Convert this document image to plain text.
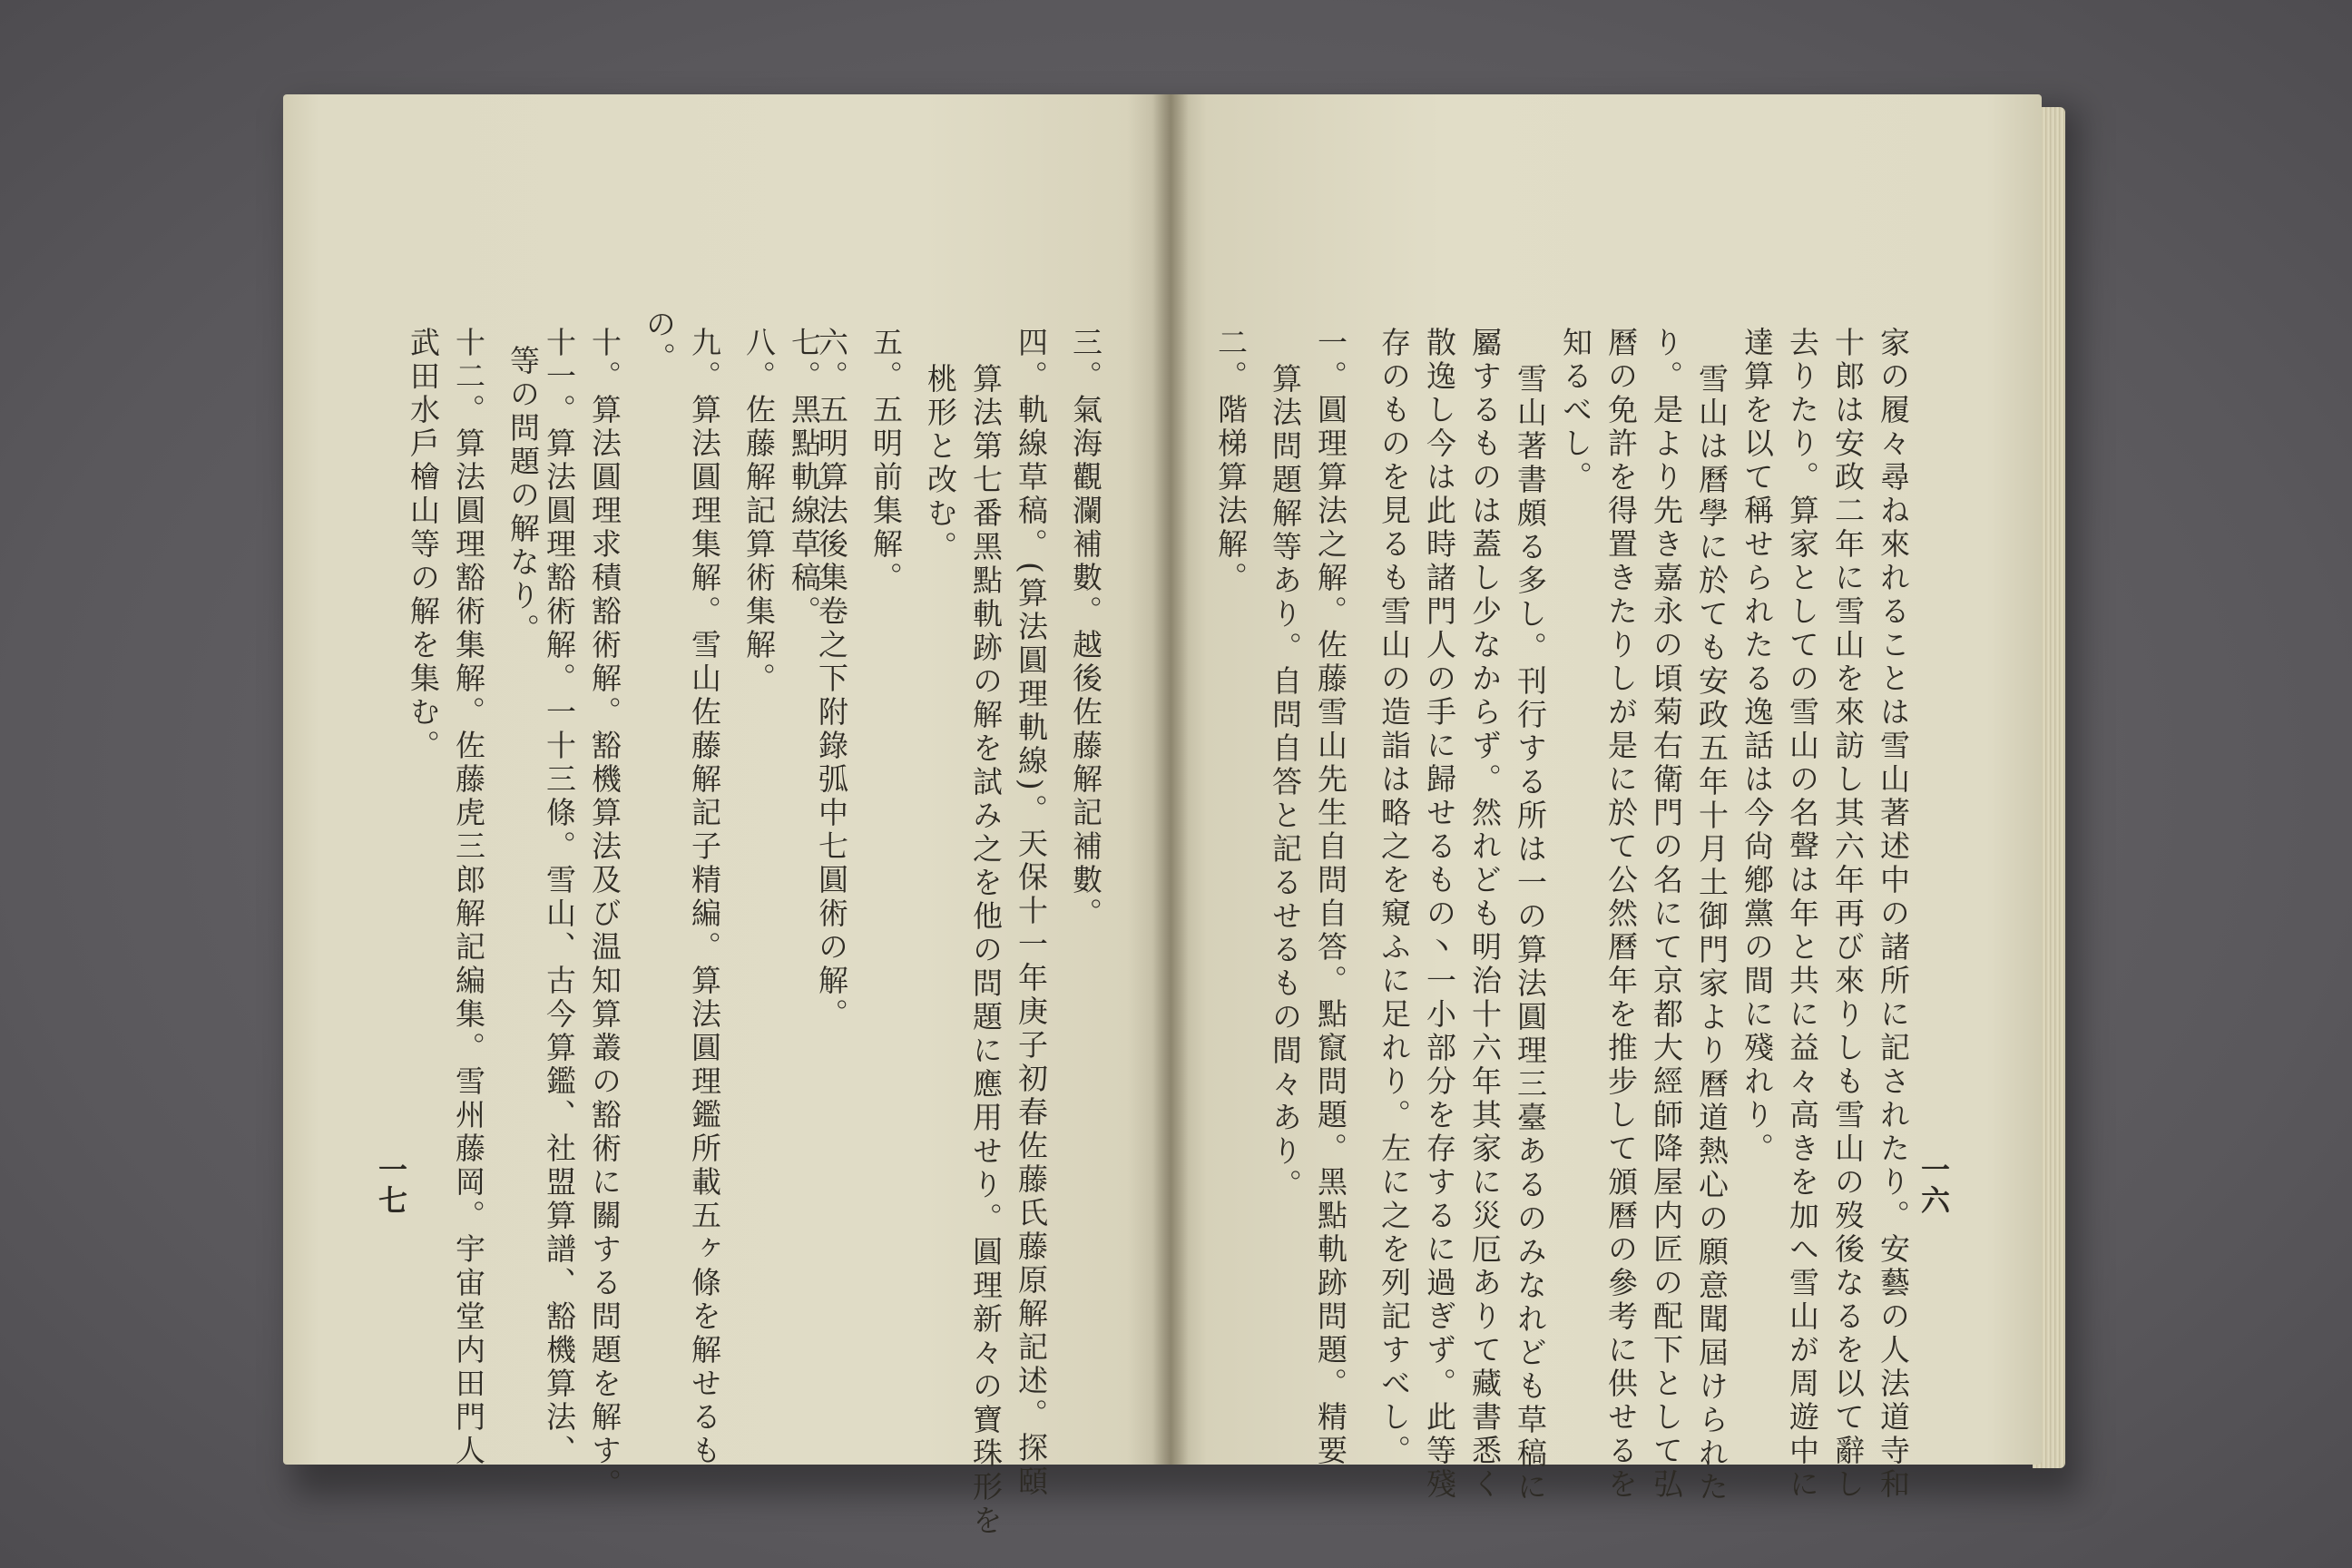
一六
家の履々尋ね來れることは雪山著述中の諸所に記されたり。安藝の人法道寺和
十郎は安政二年に雪山を來訪し其六年再び來りしも雪山の歿後なるを以て辭し
去りたり。算家としての雪山の名聲は年と共に益々高きを加へ雪山が周遊中に
達算を以て稱せられたる逸話は今尙鄕黨の間に殘れり。
雪山は曆學に於ても安政五年十月土御門家より曆道熱心の願意聞屆けられた
り。是より先き嘉永の頃菊右衛門の名にて京都大經師降屋内匠の配下として弘
曆の免許を得置きたりしが是に於て公然曆年を推步して頒曆の參考に供せるを
知るべし。
雪山著書頗る多し。刊行する所は一の算法圓理三臺あるのみなれども草稿に
屬するものは蓋し少なからず。然れども明治十六年其家に災厄ありて藏書悉く
散逸し今は此時諸門人の手に歸せるもの丶一小部分を存するに過ぎず。此等殘
存のものを見るも雪山の造詣は略之を窺ふに足れり。左に之を列記すべし。
一。圓理算法之解。佐藤雪山先生自問自答。點竄問題。黑點軌跡問題。精要
算法問題解等あり。自問自答と記るせるもの間々あり。
二。階梯算法解。
三。氣海觀瀾補數。越後佐藤解記補數。
四。軌線草稿。(算法圓理軌線)。天保十一年庚子初春佐藤氏藤原解記述。探頤
算法第七番黑點軌跡の解を試み之を他の問題に應用せり。圓理新々の寶珠形を
桃形と改む。
五。五明前集解。
六。五明算法後集卷之下附錄弧中七圓術の解。
七。黑點軌線草稿。
八。佐藤解記算術集解。
九。算法圓理集解。雪山佐藤解記子精編。算法圓理鑑所載五ヶ條を解せるも
の。
十。算法圓理求積豁術解。豁機算法及び温知算叢の豁術に關する問題を解す。
十一。算法圓理豁術解。一十三條。雪山、古今算鑑、社盟算譜、豁機算法、
等の問題の解なり。
十二。算法圓理豁術集解。佐藤虎三郎解記編集。雪州藤岡。宇宙堂内田門人
武田水戶檜山等の解を集む。
一七
